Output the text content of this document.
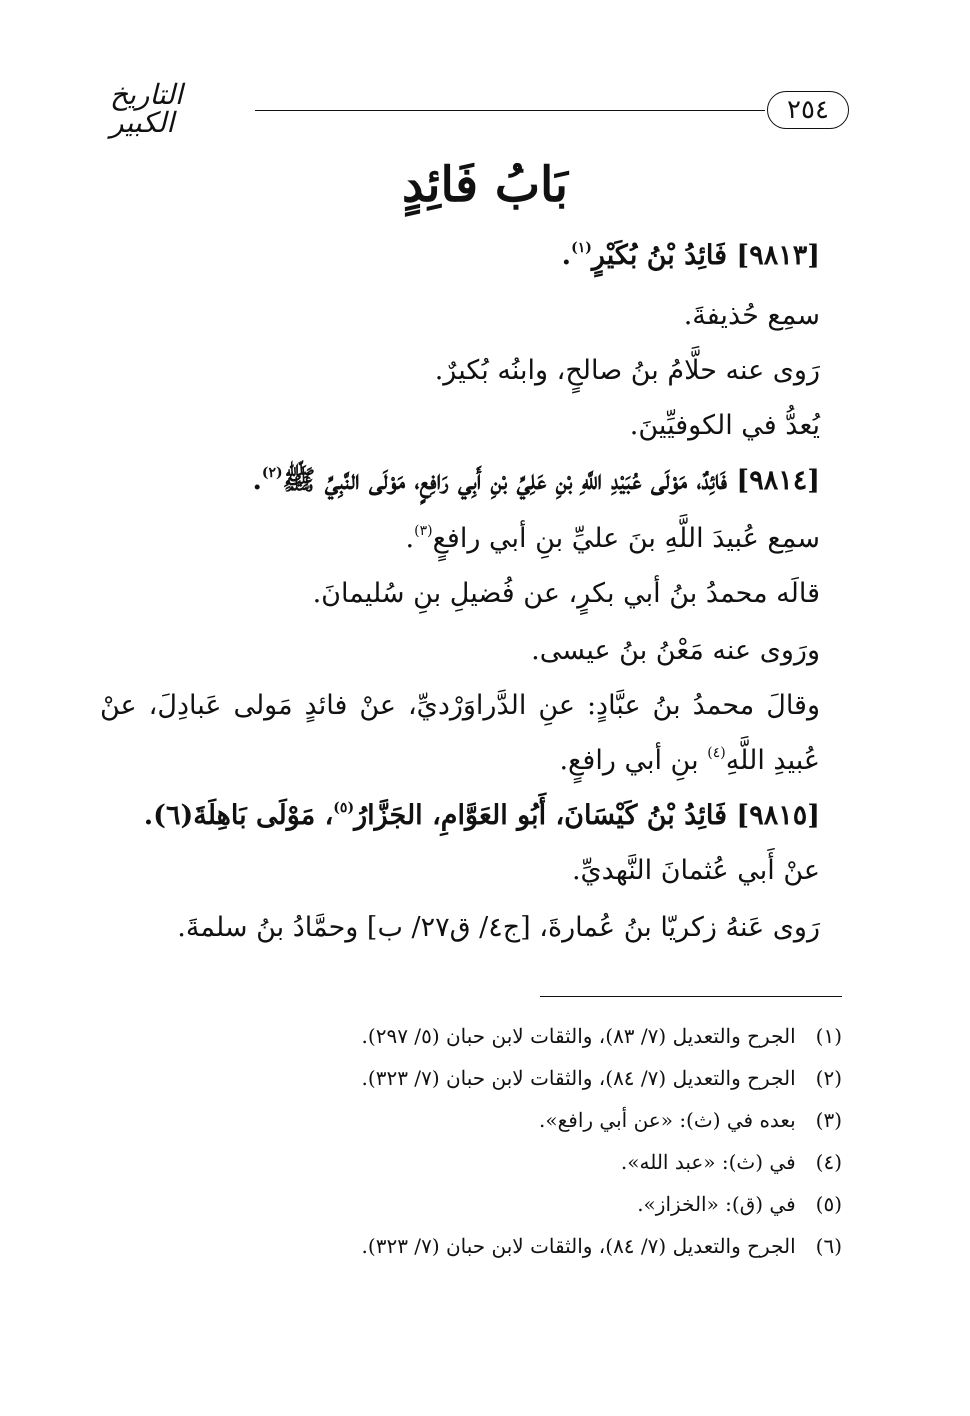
٢٥٤
التاريخ الكبير
بَابُ فَائِدٍ
[٩٨١٣] فَائِدُ بْنُ بُكَيْرٍ$^{(١)}$.
سمِع حُذيفةَ.
رَوى عنه حلَّامُ بنُ صالحٍ، وابنُه بُكيرٌ.
يُعدُّ في الكوفيِّينَ.
[٩٨١٤] فَائِدٌ، مَوْلَى عُبَيْدِ اللَّهِ بْنِ عَلِيِّ بْنِ أَبِي رَافِعٍ، مَوْلَى النَّبِيِّ ﷺ$^{(٢)}$.
سمِع عُبيدَ اللَّهِ بنَ عليِّ بنِ أبي رافعٍ$^{(٣)}$.
قالَه محمدُ بنُ أبي بكرٍ، عن فُضيلِ بنِ سُليمانَ.
ورَوى عنه مَعْنُ بنُ عيسى.
وقالَ محمدُ بنُ عبَّادٍ: عنِ الدَّراوَرْديِّ، عنْ فائدٍ مَولى عَبادِلَ، عنْ
عُبيدِ اللَّهِ$^{(٤)}$ بنِ أبي رافعٍ.
[٩٨١٥] فَائِدُ بْنُ كَيْسَانَ، أَبُو العَوَّامِ، الجَزَّارُ$^{(٥)}$، مَوْلَى بَاهِلَةَ(٦).
عنْ أَبي عُثمانَ النَّهديِّ.
رَوى عَنهُ زكريّا بنُ عُمارةَ، [ج٤/ ق٢٧/ ب] وحمَّادُ بنُ سلمةَ.
(١) الجرح والتعديل (٧/ ٨٣)، والثقات لابن حبان (٥/ ٢٩٧).
(٢) الجرح والتعديل (٧/ ٨٤)، والثقات لابن حبان (٧/ ٣٢٣).
(٣) بعده في (ث): «عن أبي رافع».
(٤) في (ث): «عبد الله».
(٥) في (ق): «الخزاز».
(٦) الجرح والتعديل (٧/ ٨٤)، والثقات لابن حبان (٧/ ٣٢٣).
